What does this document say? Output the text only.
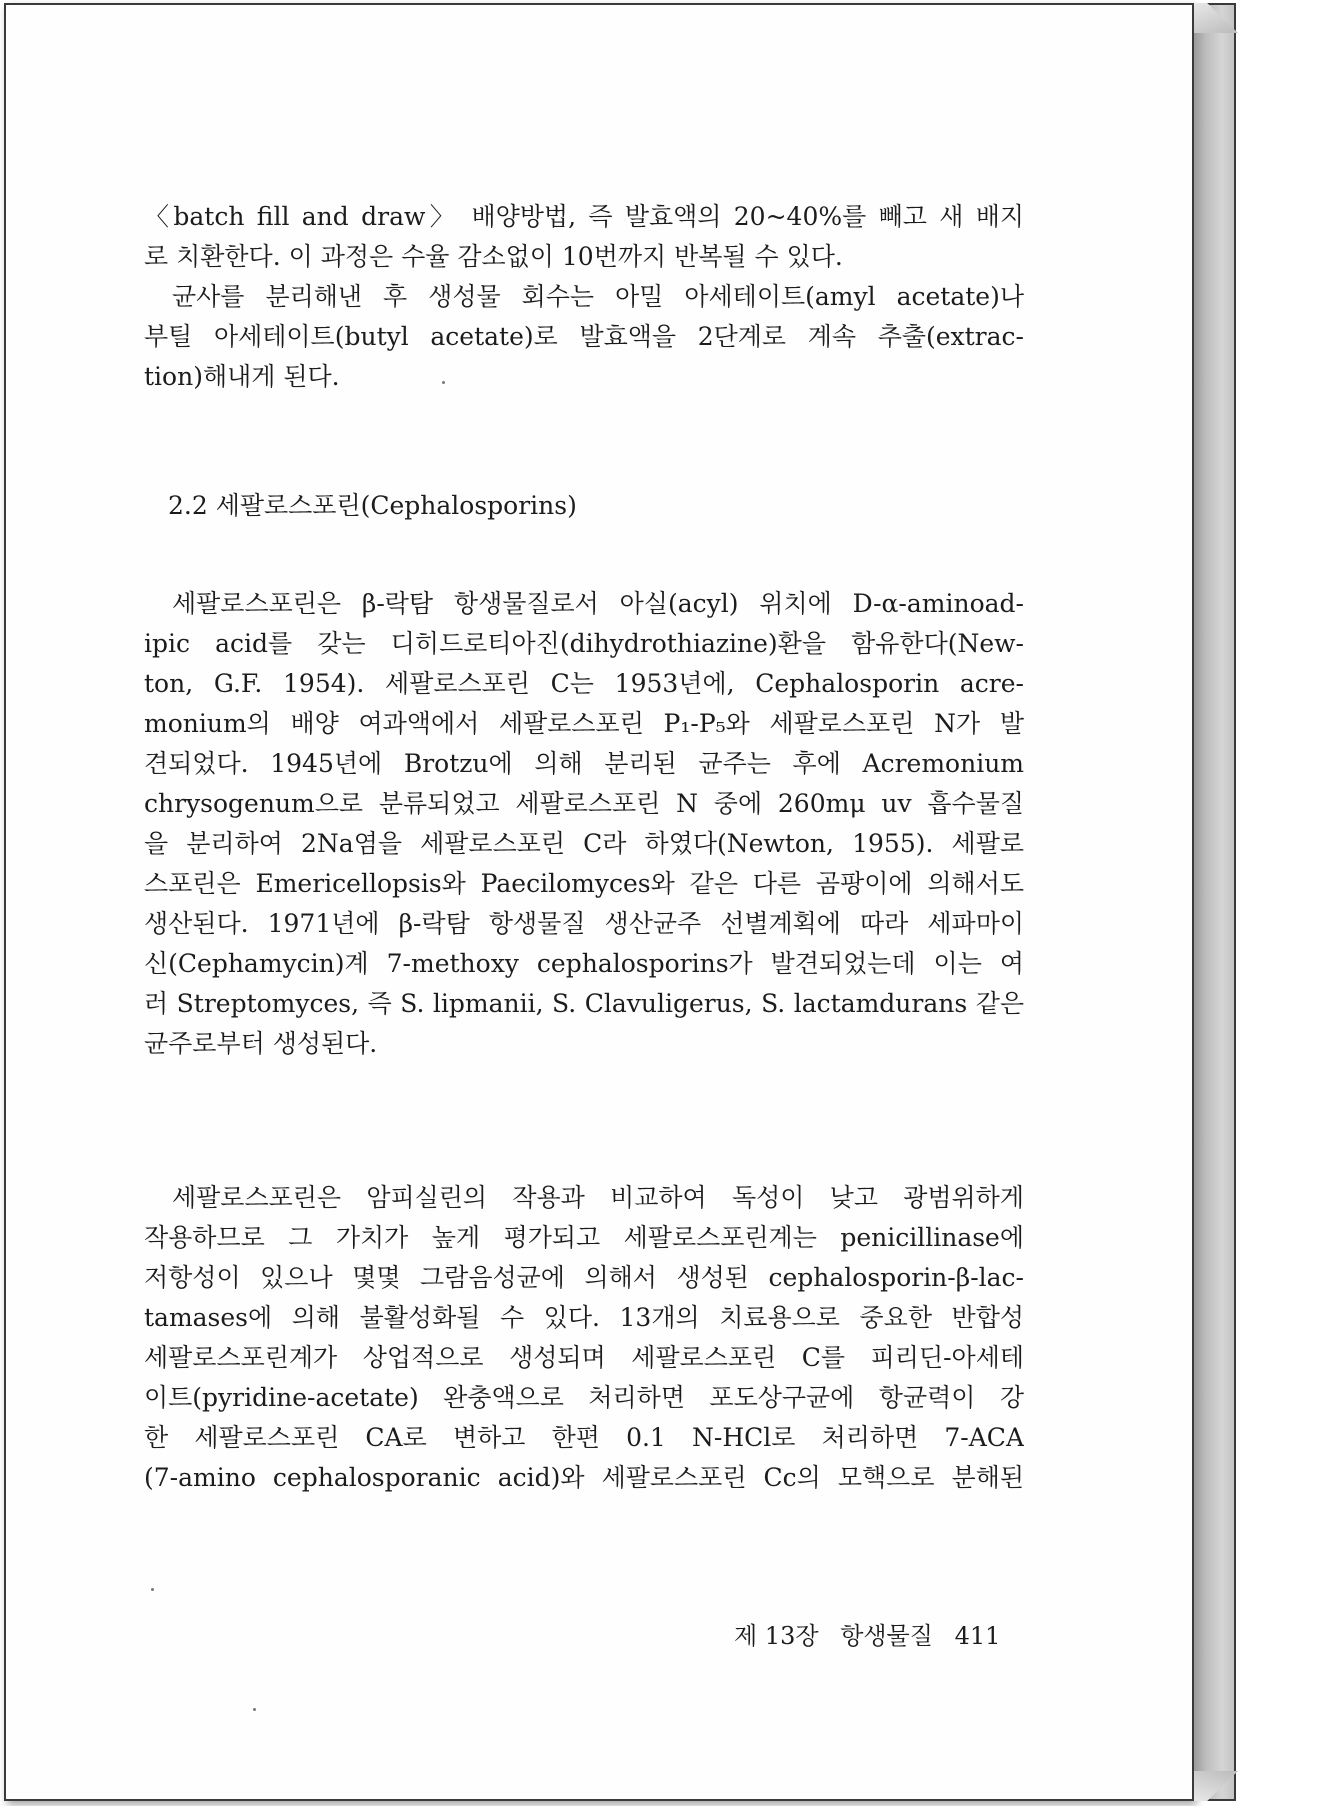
〈batch fill and draw〉 배양방법, 즉 발효액의 20~40%를 빼고 새 배지
로 치환한다. 이 과정은 수율 감소없이 10번까지 반복될 수 있다.
균사를 분리해낸 후 생성물 회수는 아밀 아세테이트(amyl acetate)나
부틸 아세테이트(butyl acetate)로 발효액을 2단계로 계속 추출(extrac-
tion)해내게 된다.
2.2 세팔로스포린(Cephalosporins)
세팔로스포린은 β-락탐 항생물질로서 아실(acyl) 위치에 D-α-aminoad-
ipic acid를 갖는 디히드로티아진(dihydrothiazine)환을 함유한다(New-
ton, G.F. 1954). 세팔로스포린 C는 1953년에, Cephalosporin acre-
monium의 배양 여과액에서 세팔로스포린 P₁-P₅와 세팔로스포린 N가 발
견되었다. 1945년에 Brotzu에 의해 분리된 균주는 후에 Acremonium
chrysogenum으로 분류되었고 세팔로스포린 N 중에 260mμ uv 흡수물질
을 분리하여 2Na염을 세팔로스포린 C라 하였다(Newton, 1955). 세팔로
스포린은 Emericellopsis와 Paecilomyces와 같은 다른 곰팡이에 의해서도
생산된다. 1971년에 β-락탐 항생물질 생산균주 선별계획에 따라 세파마이
신(Cephamycin)계 7-methoxy cephalosporins가 발견되었는데 이는 여
러 Streptomyces, 즉 S. lipmanii, S. Clavuligerus, S. lactamdurans 같은
균주로부터 생성된다.
세팔로스포린은 암피실린의 작용과 비교하여 독성이 낮고 광범위하게
작용하므로 그 가치가 높게 평가되고 세팔로스포린계는 penicillinase에
저항성이 있으나 몇몇 그람음성균에 의해서 생성된 cephalosporin-β-lac-
tamases에 의해 불활성화될 수 있다. 13개의 치료용으로 중요한 반합성
세팔로스포린계가 상업적으로 생성되며 세팔로스포린 C를 피리딘-아세테
이트(pyridine-acetate) 완충액으로 처리하면 포도상구균에 항균력이 강
한 세팔로스포린 CA로 변하고 한편 0.1 N-HCl로 처리하면 7-ACA
(7-amino cephalosporanic acid)와 세팔로스포린 Cc의 모핵으로 분해된
제 13장 항생물질 411
